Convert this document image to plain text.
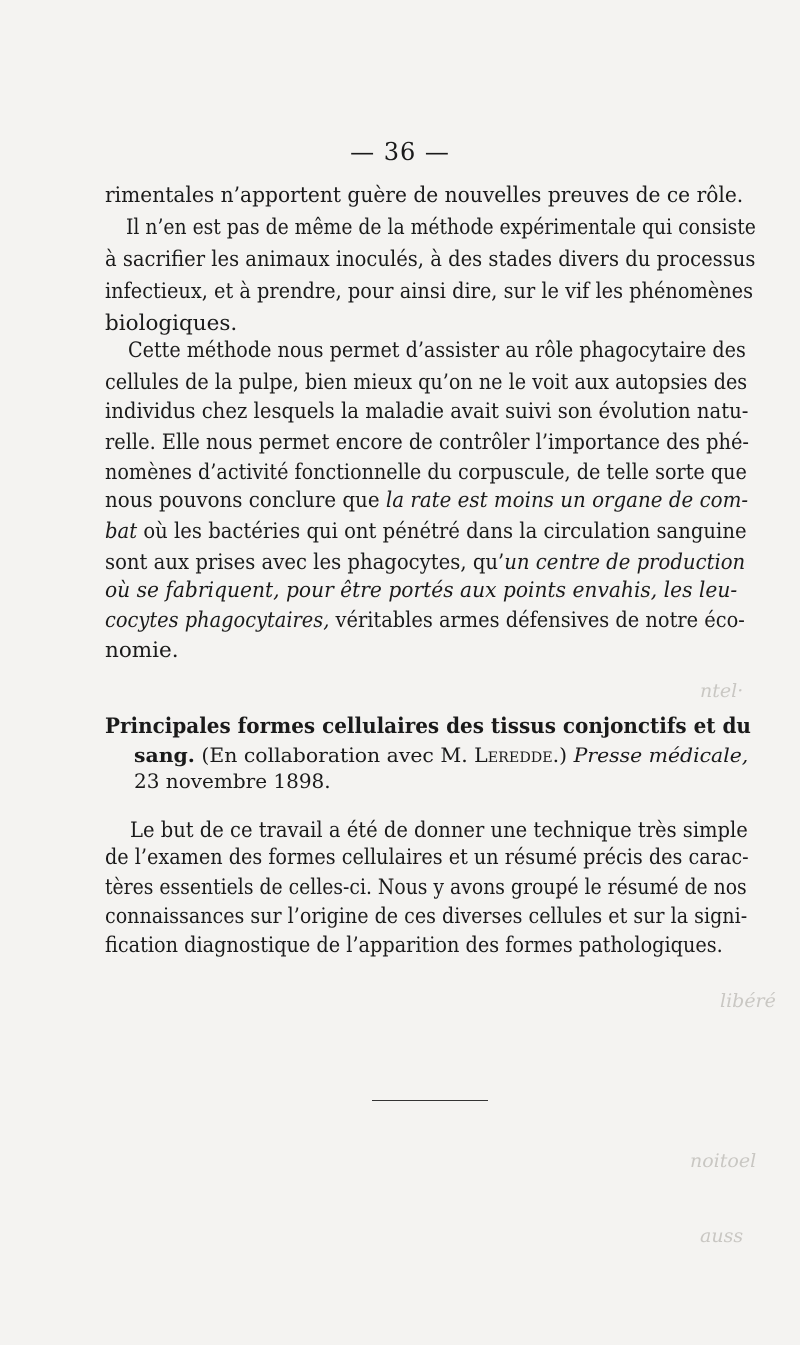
ntel·
libéré
noitoel
auss
— 36 —
rimentales n’apportent guère de nouvelles preuves de ce rôle.
Il n’en est pas de même de la méthode expérimentale qui consiste
à sacrifier les animaux inoculés, à des stades divers du processus
infectieux, et à prendre, pour ainsi dire, sur le vif les phénomènes
biologiques.
Cette méthode nous permet d’assister au rôle phagocytaire des
cellules de la pulpe, bien mieux qu’on ne le voit aux autopsies des
individus chez lesquels la maladie avait suivi son évolution natu-
relle. Elle nous permet encore de contrôler l’importance des phé-
nomènes d’activité fonctionnelle du corpuscule, de telle sorte que
nous pouvons conclure que la rate est moins un organe de com-
bat où les bactéries qui ont pénétré dans la circulation sanguine
sont aux prises avec les phagocytes, qu’un centre de production
où se fabriquent, pour être portés aux points envahis, les leu-
cocytes phagocytaires, véritables armes défensives de notre éco-
nomie.
Principales formes cellulaires des tissus conjonctifs et du
sang. (En collaboration avec M. Leredde.) Presse médicale,
23 novembre 1898.
Le but de ce travail a été de donner une technique très simple
de l’examen des formes cellulaires et un résumé précis des carac-
tères essentiels de celles-ci. Nous y avons groupé le résumé de nos
connaissances sur l’origine de ces diverses cellules et sur la signi-
fication diagnostique de l’apparition des formes pathologiques.
